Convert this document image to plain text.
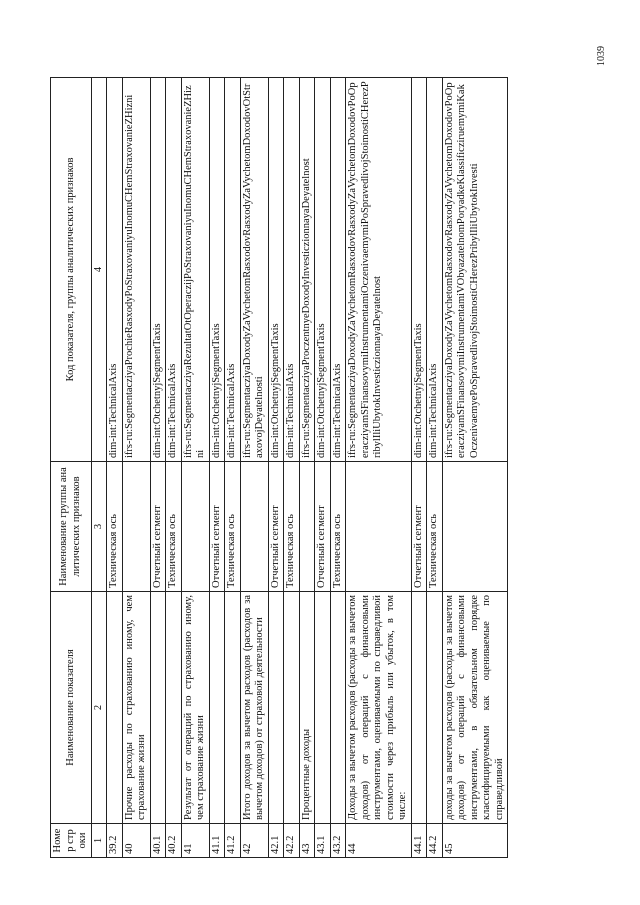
1039
Номер строки	Наименование показателя	Наименование группы аналитических признаков	Код показателя, группы аналитических признаков
1	2	3	4
39.2		Техническая ось	dim-int:TechnicalAxis
40	Прочие расходы по страхованию иному, чем страхование жизни		ifrs-ru:SegmentacziyaProchieRasxodyPoStraxovaniyuInomuCHemStraxovanieZHizni
40.1		Отчетный сегмент	dim-int:OtchetnyjSegmentTaxis
40.2		Техническая ось	dim-int:TechnicalAxis
41	Результат от операций по страхованию иному, чем страхование жизни		ifrs-ru:SegmentacziyaRezultatOtOperaczijPoStraxovaniyuInomuCHemStraxovanieZHizni
41.1		Отчетный сегмент	dim-int:OtchetnyjSegmentTaxis
41.2		Техническая ось	dim-int:TechnicalAxis
42	Итого доходов за вычетом расходов (расходов за вычетом доходов) от страховой деятельности		ifrs-ru:SegmentacziyaDoxodyZaVychetomRasxodovRasxodyZaVychetomDoxodovOtStraxovojDeyatelnosti
42.1		Отчетный сегмент	dim-int:OtchetnyjSegmentTaxis
42.2		Техническая ось	dim-int:TechnicalAxis
43	Процентные доходы		ifrs-ru:SegmentacziyaProczentnyeDoxodyInvesticzionnayaDeyatelnost
43.1		Отчетный сегмент	dim-int:OtchetnyjSegmentTaxis
43.2		Техническая ось	dim-int:TechnicalAxis
44	Доходы за вычетом расходов (расходы за вычетом доходов) от операций с финансовыми инструментами, оцениваемыми по справедливой стоимости через прибыль или убыток, в том числе:		ifrs-ru:SegmentacziyaDoxodyZaVychetomRasxodovRasxodyZaVychetomDoxodovPoOperacziyamSFinansovymiInstrumentamiOczenivaemymiPoSpravedlivojStoimostiCHerezPribylIliUbytokInvesticzionnayaDeyatelnost
44.1		Отчетный сегмент	dim-int:OtchetnyjSegmentTaxis
44.2		Техническая ось	dim-int:TechnicalAxis
45	доходы за вычетом расходов (расходы за вычетом доходов) от операций с финансовыми инструментами, в обязательном порядке классифицируемыми как оцениваемые по справедливой		ifrs-ru:SegmentacziyaDoxodyZaVychetomRasxodovRasxodyZaVychetomDoxodovPoOperacziyamSFinansovymiInstrumentamiVObyazatelnomPoryadkeKlassificziruemymiKakOczenivaemyePoSpravedlivojStoimostiCHerezPribylIliUbytokInvesti
